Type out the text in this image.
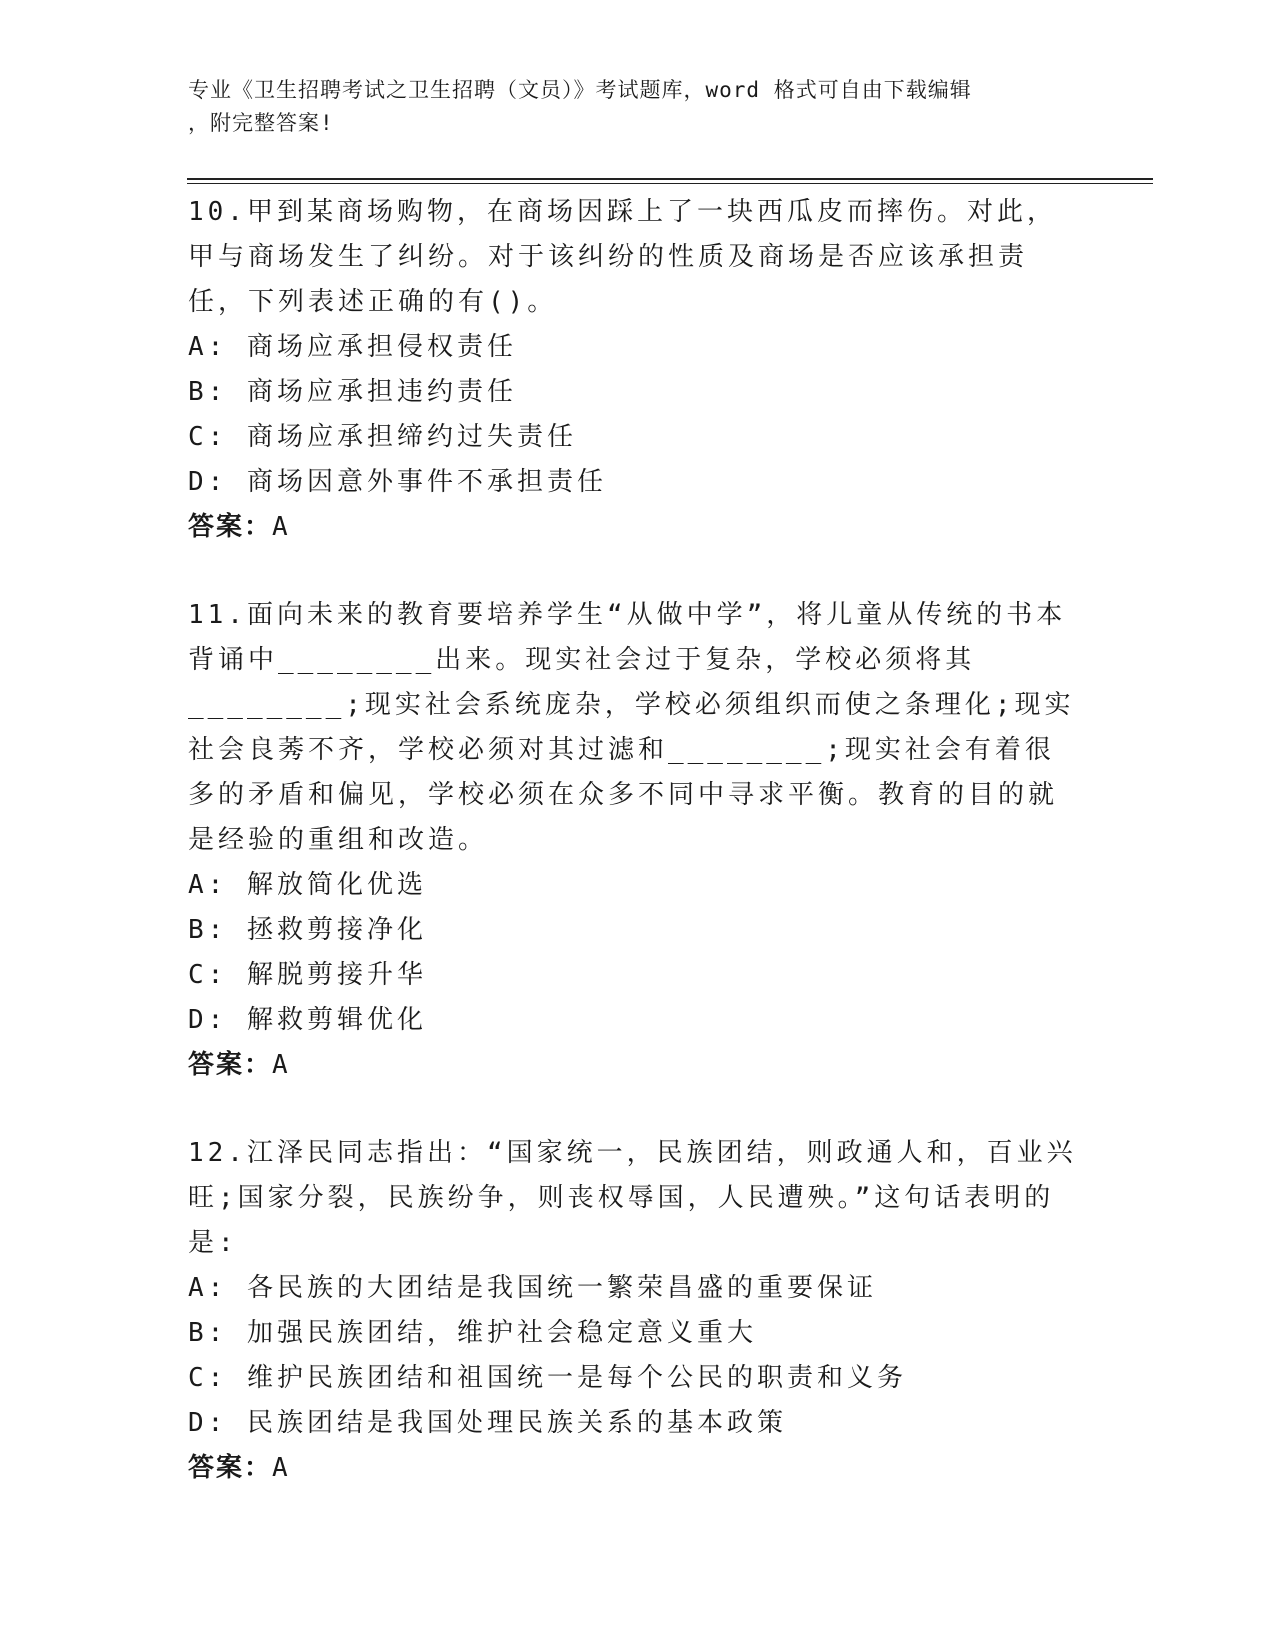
专业《卫生招聘考试之卫生招聘（文员）》考试题库，word 格式可自由下载编辑
，附完整答案!

10.甲到某商场购物，在商场因踩上了一块西瓜皮而摔伤。对此，甲与商场发生了纠纷。对于该纠纷的性质及商场是否应该承担责任，下列表述正确的有()。

A: 商场应承担侵权责任

B: 商场应承担违约责任

C: 商场应承担缔约过失责任

D: 商场因意外事件不承担责任

答案：A

11.面向未来的教育要培养学生“从做中学”，将儿童从传统的书本背诵中________出来。现实社会过于复杂，学校必须将其________;现实社会系统庞杂，学校必须组织而使之条理化;现实社会良莠不齐，学校必须对其过滤和________;现实社会有着很多的矛盾和偏见，学校必须在众多不同中寻求平衡。教育的目的就是经验的重组和改造。

A: 解放简化优选

B: 拯救剪接净化

C: 解脱剪接升华

D: 解救剪辑优化

答案：A

12.江泽民同志指出：“国家统一，民族团结，则政通人和，百业兴旺;国家分裂，民族纷争，则丧权辱国，人民遭殃。”这句话表明的是:

A: 各民族的大团结是我国统一繁荣昌盛的重要保证

B: 加强民族团结，维护社会稳定意义重大

C: 维护民族团结和祖国统一是每个公民的职责和义务

D: 民族团结是我国处理民族关系的基本政策

答案：A
